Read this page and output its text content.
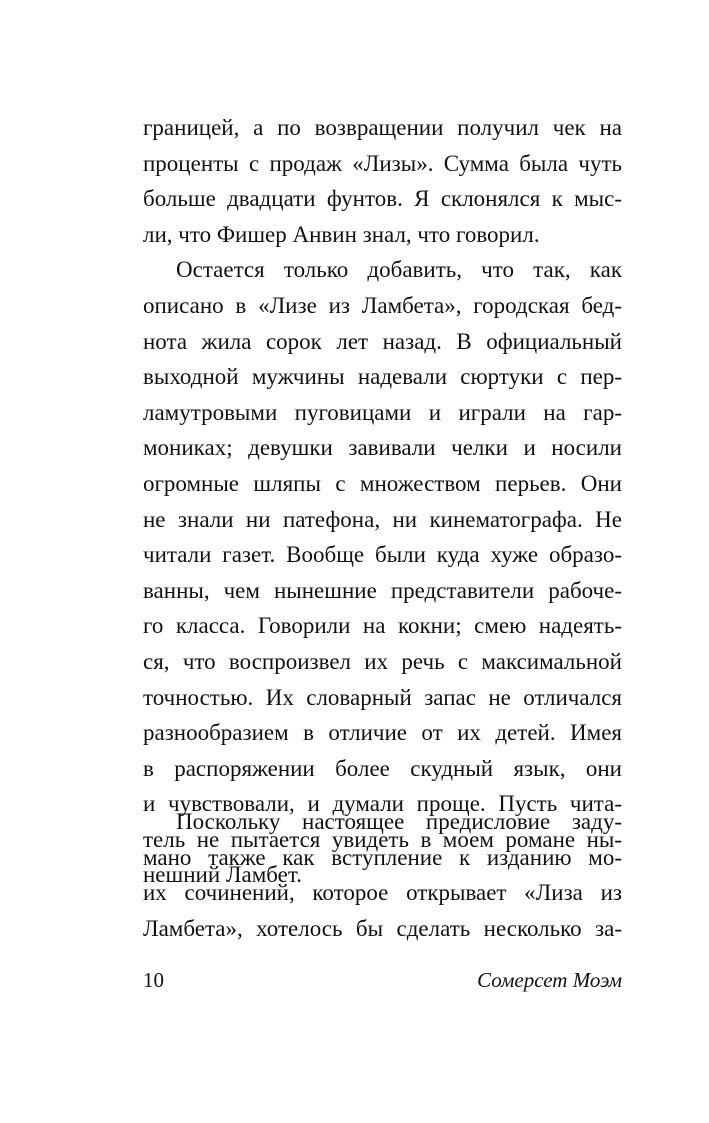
границей, а по возвращении получил чек на
проценты с продаж «Лизы». Сумма была чуть
больше двадцати фунтов. Я склонялся к мыс-
ли, что Фишер Анвин знал, что говорил.
Остается только добавить, что так, как
описано в «Лизе из Ламбета», городская бед-
нота жила сорок лет назад. В официальный
выходной мужчины надевали сюртуки с пер-
ламутровыми пуговицами и играли на гар-
мониках; девушки завивали челки и носили
огромные шляпы с множеством перьев. Они
не знали ни патефона, ни кинематографа. Не
читали газет. Вообще были куда хуже образо-
ванны, чем нынешние представители рабоче-
го класса. Говорили на кокни; смею надеять-
ся, что воспроизвел их речь с максимальной
точностью. Их словарный запас не отличался
разнообразием в отличие от их детей. Имея
в распоряжении более скудный язык, они
и чувствовали, и думали проще. Пусть чита-
тель не пытается увидеть в моем романе ны-
нешний Ламбет.
Поскольку настоящее предисловие заду-
мано также как вступление к изданию мо-
их сочинений, которое открывает «Лиза из
Ламбета», хотелось бы сделать несколько за-
10	Сомерсет Моэм
